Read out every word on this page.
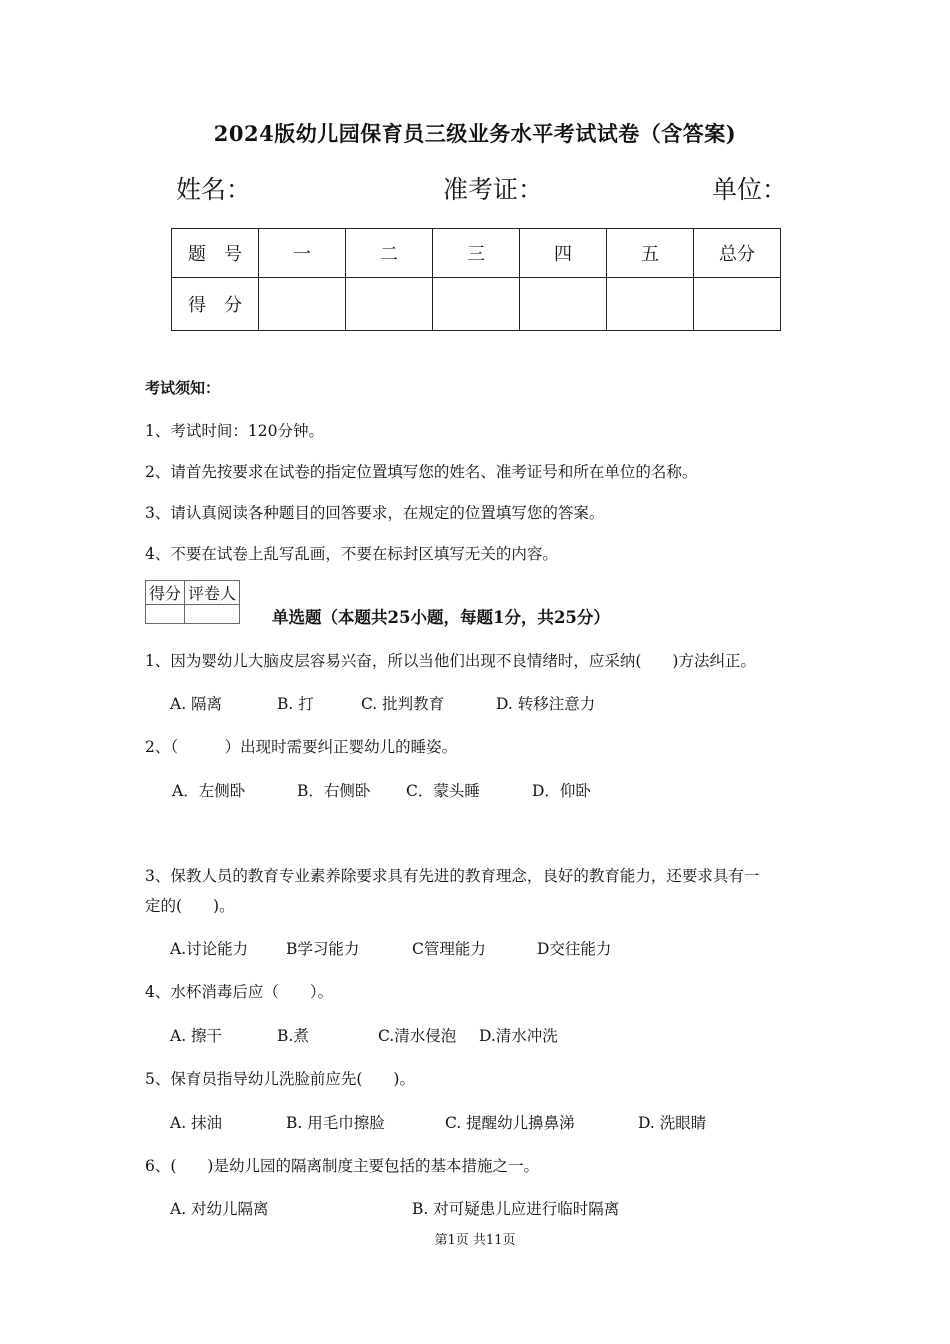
2024版幼儿园保育员三级业务水平考试试卷（含答案)
姓名：	准考证：	单位：
题　号	一	二	三	四	五	总分
得　分						
考试须知：
1、考试时间：120分钟。
2、请首先按要求在试卷的指定位置填写您的姓名、准考证号和所在单位的名称。
3、请认真阅读各种题目的回答要求，在规定的位置填写您的答案。
4、不要在试卷上乱写乱画，不要在标封区填写无关的内容。
得分	评卷人

单选题（本题共25小题，每题1分，共25分）
1、因为婴幼儿大脑皮层容易兴奋，所以当他们出现不良情绪时，应采纳(　　)方法纠正。
A. 隔离	B. 打	C. 批判教育	D. 转移注意力
2、（　　　）出现时需要纠正婴幼儿的睡姿。
A．左侧卧	B．右侧卧 C．蒙头睡	D．仰卧
3、保教人员的教育专业素养除要求具有先进的教育理念，良好的教育能力，还要求具有一
定的(　　)。
A.讨论能力 B学习能力	C管理能力	D交往能力
4、水杯消毒后应（　　）。
A. 擦干	B.煮	C.清水侵泡 D.清水冲洗
5、保育员指导幼儿洗脸前应先(　　)。
A. 抹油	B. 用毛巾擦脸	C. 提醒幼儿擤鼻涕	D. 洗眼睛
6、(　　)是幼儿园的隔离制度主要包括的基本措施之一。
A. 对幼儿隔离	B. 对可疑患儿应进行临时隔离
第1页 共11页
